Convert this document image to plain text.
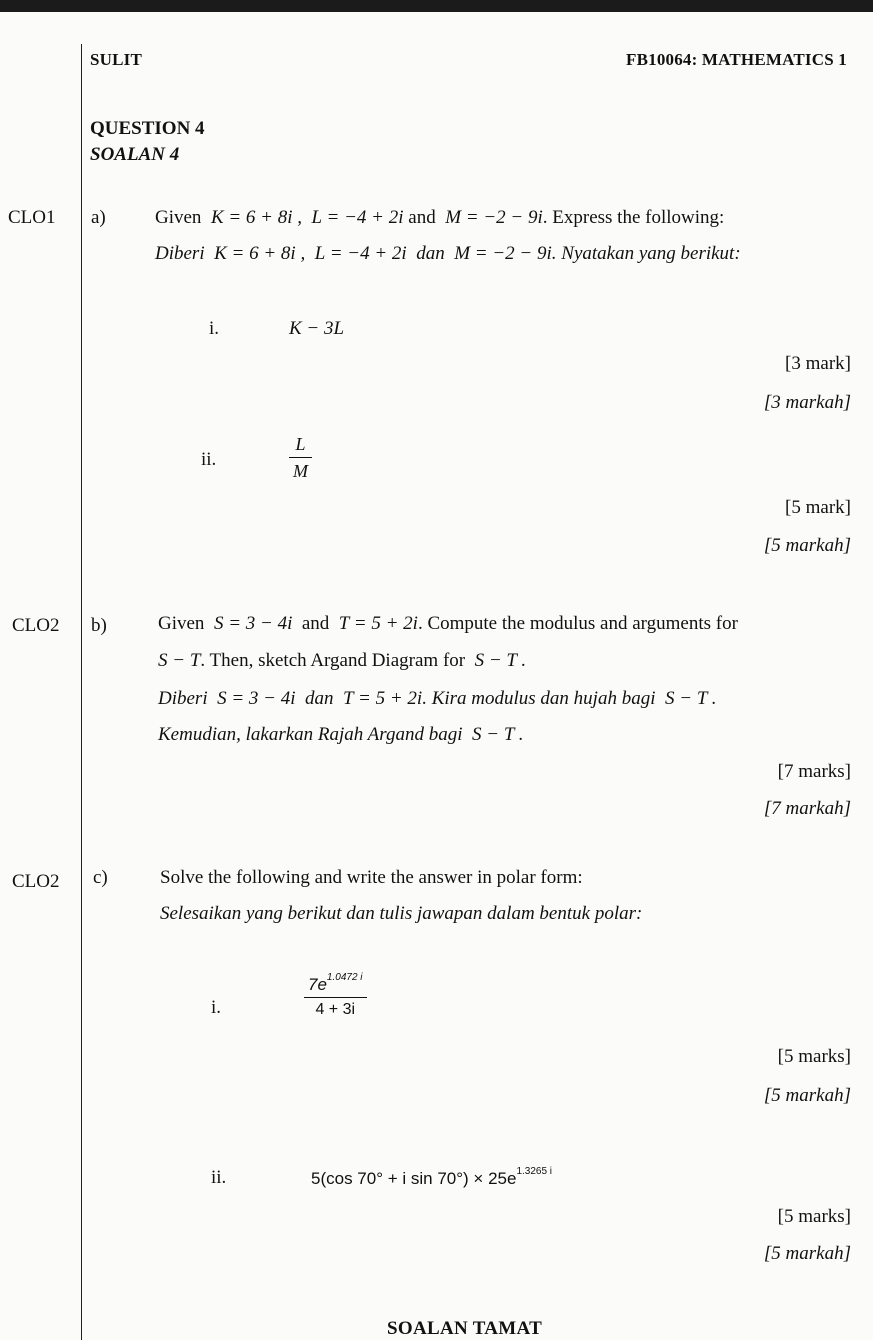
SULIT	FB10064: MATHEMATICS 1
QUESTION 4
SOALAN 4
CLO1 a)	Given K = 6 + 8i , L = −4 + 2i and M = −2 − 9i. Express the following:
Diberi K = 6 + 8i , L = −4 + 2i dan M = −2 − 9i. Nyatakan yang berikut:
i.	K − 3L
[3 mark]
[3 markah]
ii.
L
M
[5 mark]
[5 markah]
CLO2 b)	Given S = 3 − 4i and T = 5 + 2i. Compute the modulus and arguments for
S − T. Then, sketch Argand Diagram for S − T .
Diberi S = 3 − 4i dan T = 5 + 2i. Kira modulus dan hujah bagi S − T .
Kemudian, lakarkan Rajah Argand bagi S − T .
[7 marks]
[7 markah]
CLO2 c)	Solve the following and write the answer in polar form:
Selesaikan yang berikut dan tulis jawapan dalam bentuk polar:
i.
$7e^{1.0472 i}$
4 + 3i
[5 marks]
[5 markah]
ii.	5(cos 70° + i $\sin 70^\circ) \times 25e^{1.3265 i}$
[5 marks]
[5 markah]
SOALAN TAMAT
